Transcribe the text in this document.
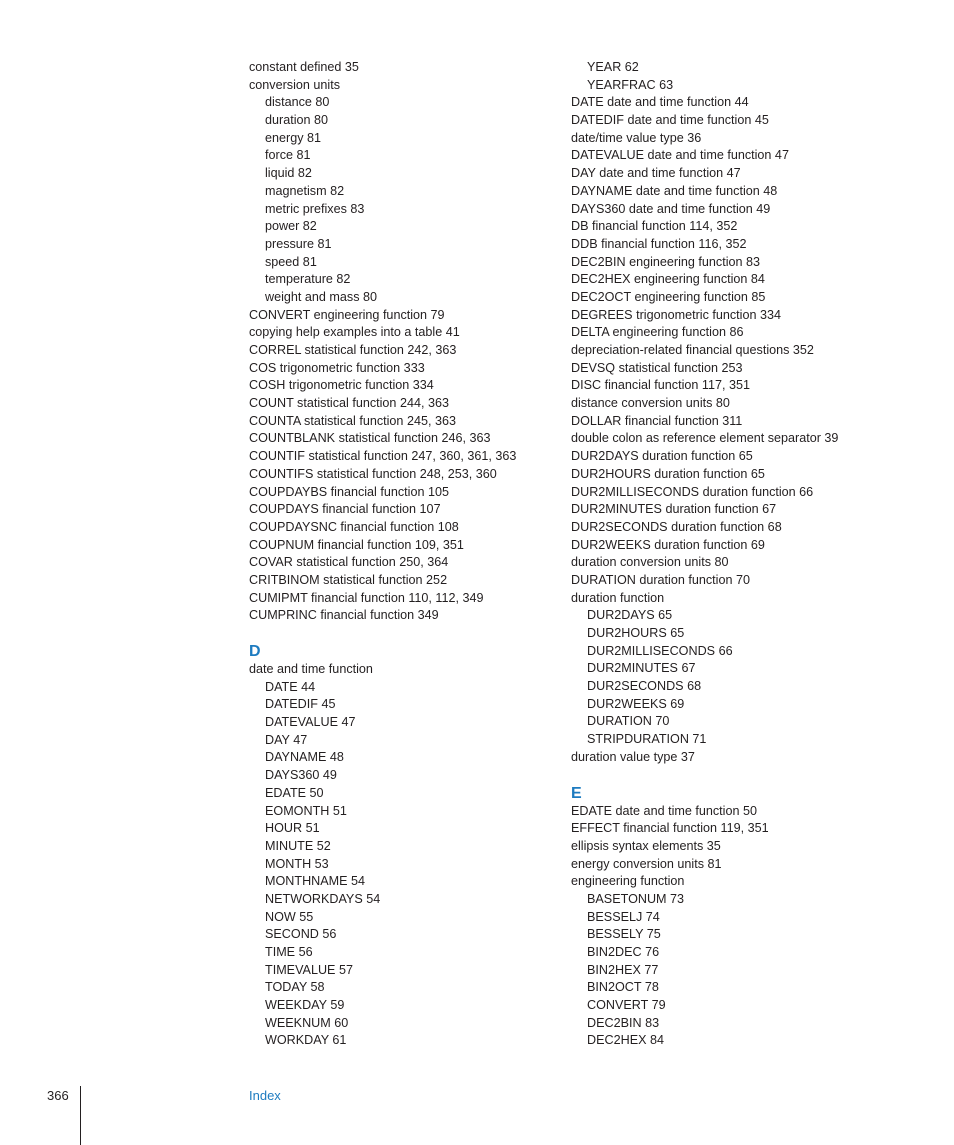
constant defined 35
conversion units
distance 80
duration 80
energy 81
force 81
liquid 82
magnetism 82
metric prefixes 83
power 82
pressure 81
speed 81
temperature 82
weight and mass 80
CONVERT engineering function 79
copying help examples into a table 41
CORREL statistical function 242, 363
COS trigonometric function 333
COSH trigonometric function 334
COUNT statistical function 244, 363
COUNTA statistical function 245, 363
COUNTBLANK statistical function 246, 363
COUNTIF statistical function 247, 360, 361, 363
COUNTIFS statistical function 248, 253, 360
COUPDAYBS financial function 105
COUPDAYS financial function 107
COUPDAYSNC financial function 108
COUPNUM financial function 109, 351
COVAR statistical function 250, 364
CRITBINOM statistical function 252
CUMIPMT financial function 110, 112, 349
CUMPRINC financial function 349
D
date and time function
DATE 44
DATEDIF 45
DATEVALUE 47
DAY 47
DAYNAME 48
DAYS360 49
EDATE 50
EOMONTH 51
HOUR 51
MINUTE 52
MONTH 53
MONTHNAME 54
NETWORKDAYS 54
NOW 55
SECOND 56
TIME 56
TIMEVALUE 57
TODAY 58
WEEKDAY 59
WEEKNUM 60
WORKDAY 61
YEAR 62
YEARFRAC 63
DATE date and time function 44
DATEDIF date and time function 45
date/time value type 36
DATEVALUE date and time function 47
DAY date and time function 47
DAYNAME date and time function 48
DAYS360 date and time function 49
DB financial function 114, 352
DDB financial function 116, 352
DEC2BIN engineering function 83
DEC2HEX engineering function 84
DEC2OCT engineering function 85
DEGREES trigonometric function 334
DELTA engineering function 86
depreciation-related financial questions 352
DEVSQ statistical function 253
DISC financial function 117, 351
distance conversion units 80
DOLLAR financial function 311
double colon as reference element separator 39
DUR2DAYS duration function 65
DUR2HOURS duration function 65
DUR2MILLISECONDS duration function 66
DUR2MINUTES duration function 67
DUR2SECONDS duration function 68
DUR2WEEKS duration function 69
duration conversion units 80
DURATION duration function 70
duration function
DUR2DAYS 65
DUR2HOURS 65
DUR2MILLISECONDS 66
DUR2MINUTES 67
DUR2SECONDS 68
DUR2WEEKS 69
DURATION 70
STRIPDURATION 71
duration value type 37
E
EDATE date and time function 50
EFFECT financial function 119, 351
ellipsis syntax elements 35
energy conversion units 81
engineering function
BASETONUM 73
BESSELJ 74
BESSELY 75
BIN2DEC 76
BIN2HEX 77
BIN2OCT 78
CONVERT 79
DEC2BIN 83
DEC2HEX 84
366	Index
